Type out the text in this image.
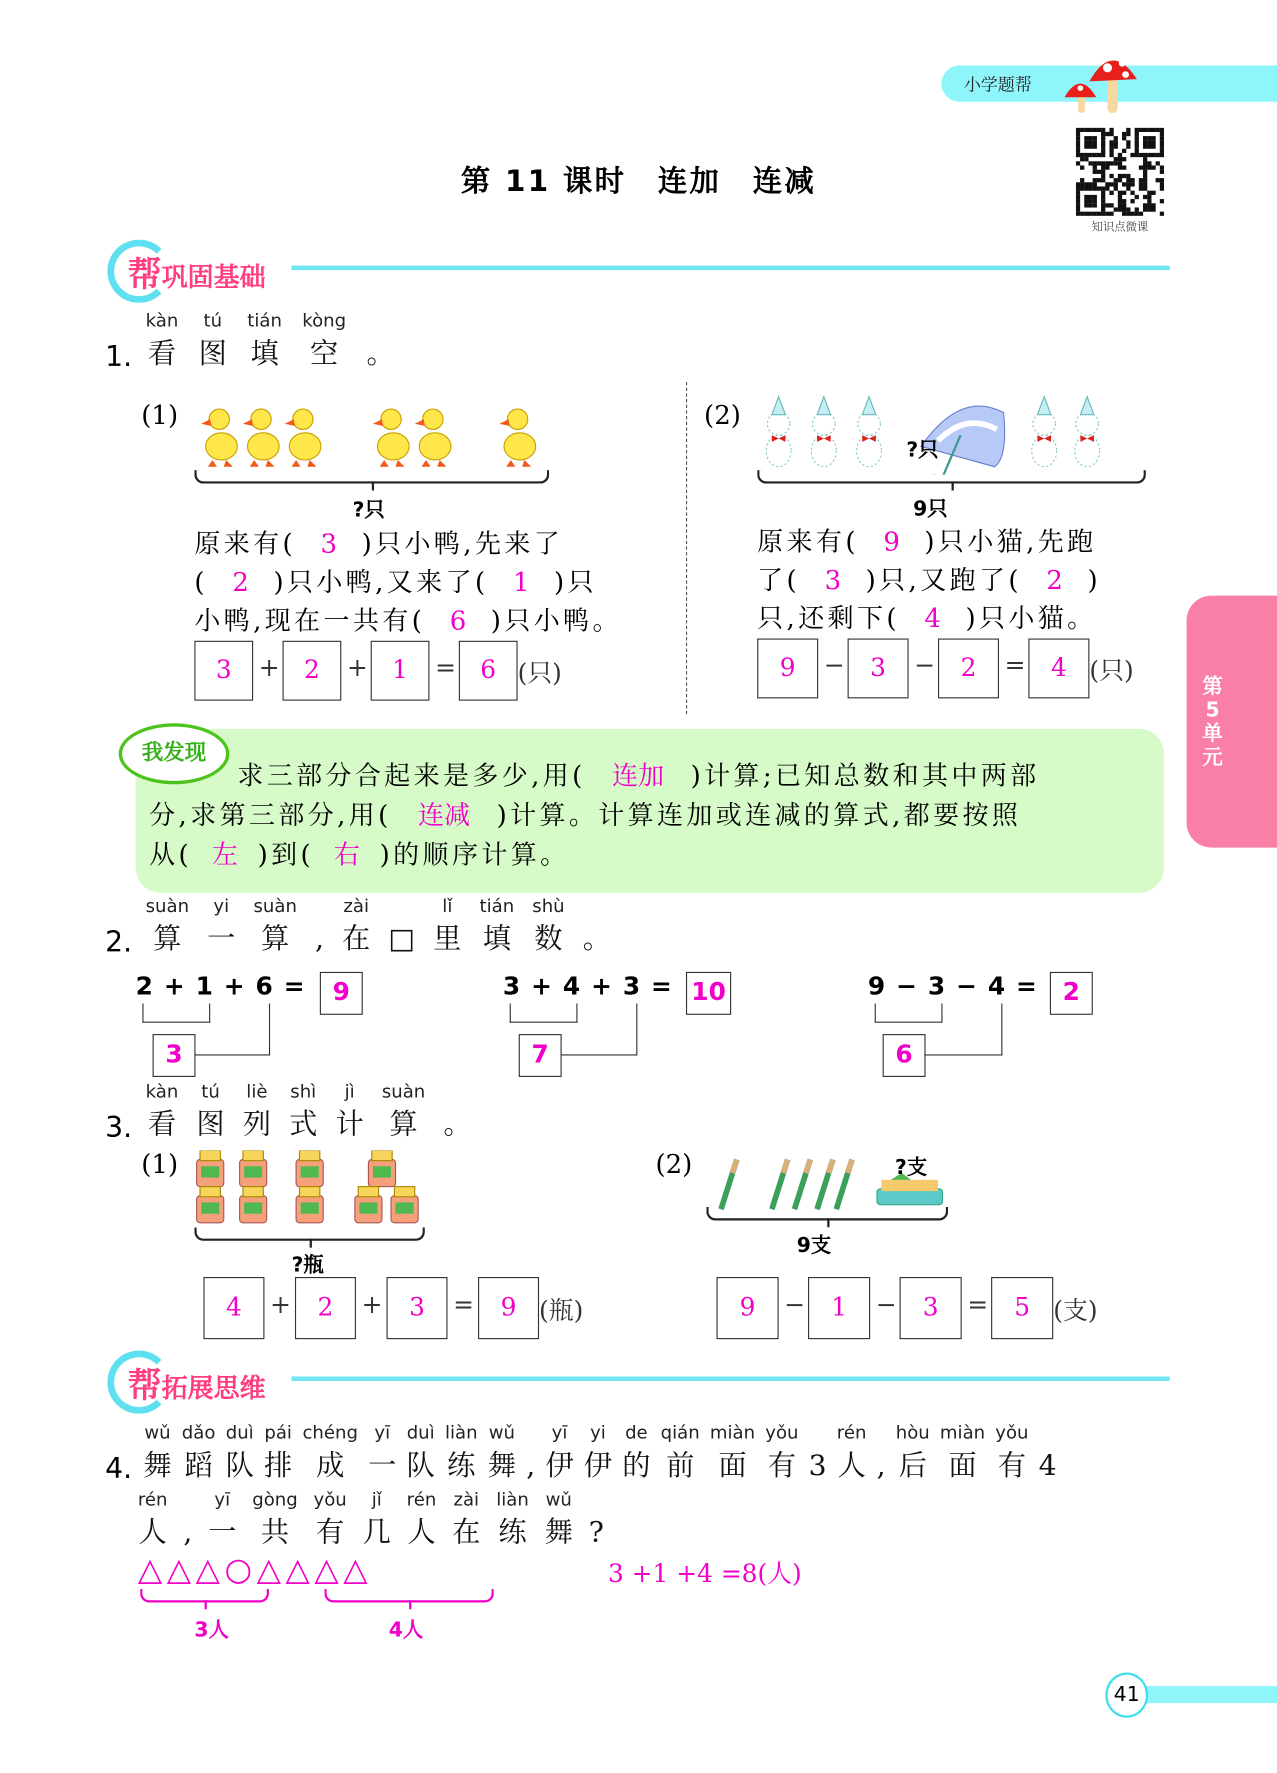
小学题帮
知识点微课
第 11 课时　连加　连减
第5单元
帮巩固基础
1.
kàn
看
tú
图
tián
填
kòng
空 。
(1)
?只
原来有( 3 )只小鸭,先来了
( 2 )只小鸭,又来了( 1 )只
小鸭,现在一共有( 6 )只小鸭。
3	+	2	+	1	=	6 (只)
(2)
?只
9只
原来有( 9 )只小猫,先跑
了( 3 )只,又跑了( 2 )
只,还剩下( 4 )只小猫。
9	−	3	−	2	=	4	(只)
我发现
求三部分合起来是多少,用( 连加 )计算;已知总数和其中两部
分,求第三部分,用( 连减 )计算。计算连加或连减的算式,都要按照
从( 左 )到( 右 )的顺序计算。
2.
suàn
算
yi
一
suàn
算 ,
zài
在 □
lǐ
里
tián
填
shù
数 。
2 + 1 + 6 =	9
3
3 + 4 + 3 = 10
7
9 − 3 − 4 =	2
6
3.
kàn
看
tú
图
liè
列
shì
式
jì
计
suàn
算 。
(1)
?瓶
4	+	2	+	3	=	9	(瓶)
(2)	?支
9支
9	−	1	−	3	=	5	(支)
帮拓展思维
4.
wǔ
舞
dǎo
蹈
duì
队
pái
排
chéng
成
yī
一
duì
队
liàn
练
wǔ
舞 ,
yī
伊
yi
伊
de
的
qián
前
miàn
面
yǒu
有 3
rén
人 ,
hòu
后
miàn
面
yǒu
有 4
rén
人 ,
yī
一
gòng
共
yǒu
有
jǐ
几
rén
人
zài
在
liàn
练
wǔ
舞 ?
△△△○△△△△
3人	4人
3 +1 +4 =8(人)
41
